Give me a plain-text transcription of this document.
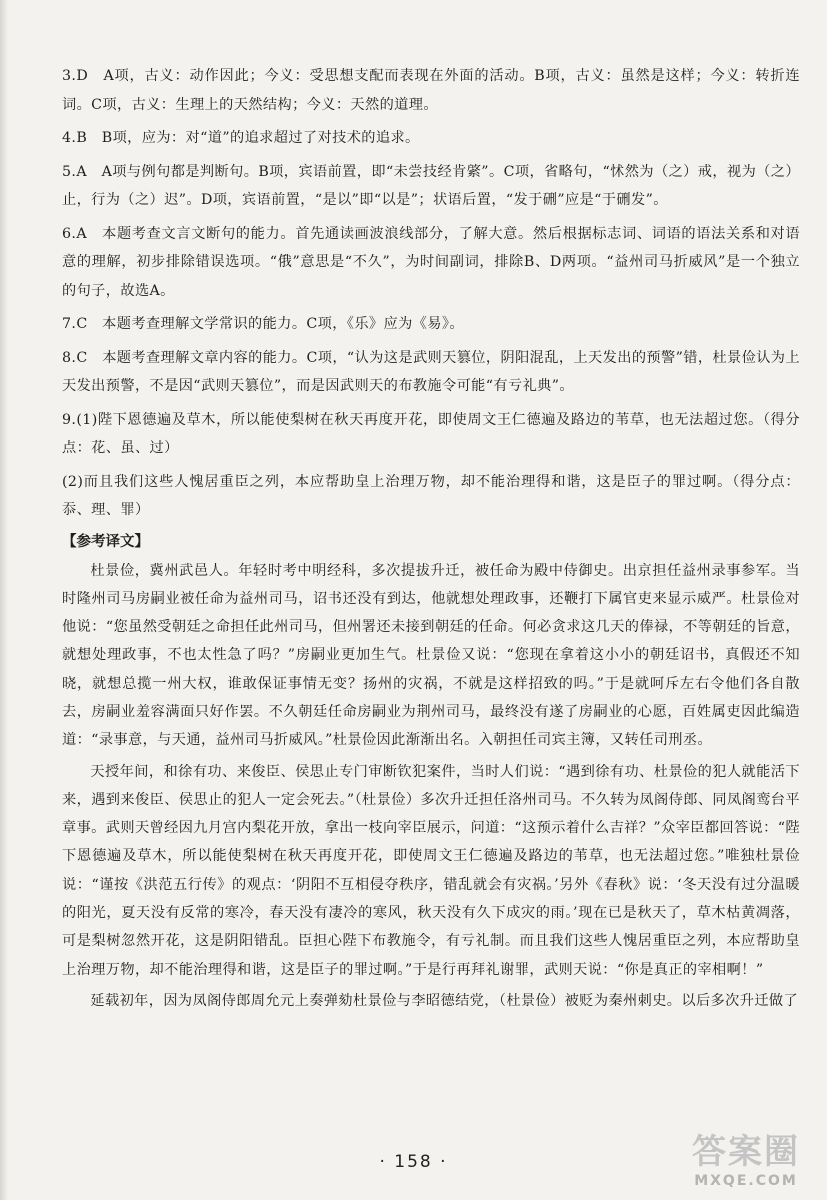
3.D　A项，古义：动作因此；今义：受思想支配而表现在外面的活动。B项，古义：虽然是这样；今义：转折连词。C项，古义：生理上的天然结构；今义：天然的道理。

4.B　B项，应为：对“道”的追求超过了对技术的追求。

5.A　A项与例句都是判断句。B项，宾语前置，即“未尝技经肯綮”。C项，省略句，“怵然为（之）戒，视为（之）止，行为（之）迟”。D项，宾语前置，“是以”即“以是”；状语后置，“发于硎”应是“于硎发”。

6.A　本题考查文言文断句的能力。首先通读画波浪线部分，了解大意。然后根据标志词、词语的语法关系和对语意的理解，初步排除错误选项。“俄”意思是“不久”，为时间副词，排除B、D两项。“益州司马折威风”是一个独立的句子，故选A。

7.C　本题考查理解文学常识的能力。C项，《乐》应为《易》。

8.C　本题考查理解文章内容的能力。C项，“认为这是武则天篡位，阴阳混乱，上天发出的预警”错，杜景俭认为上天发出预警，不是因“武则天篡位”，而是因武则天的布教施令可能“有亏礼典”。

9.(1)陛下恩德遍及草木，所以能使梨树在秋天再度开花，即使周文王仁德遍及路边的苇草，也无法超过您。（得分点：花、虽、过）

(2)而且我们这些人愧居重臣之列，本应帮助皇上治理万物，却不能治理得和谐，这是臣子的罪过啊。（得分点：忝、理、罪）

【参考译文】

杜景俭，冀州武邑人。年轻时考中明经科，多次提拔升迁，被任命为殿中侍御史。出京担任益州录事参军。当时隆州司马房嗣业被任命为益州司马，诏书还没有到达，他就想处理政事，还鞭打下属官吏来显示威严。杜景俭对他说：“您虽然受朝廷之命担任此州司马，但州署还未接到朝廷的任命。何必贪求这几天的俸禄，不等朝廷的旨意，就想处理政事，不也太性急了吗？”房嗣业更加生气。杜景俭又说：“您现在拿着这小小的朝廷诏书，真假还不知晓，就想总揽一州大权，谁敢保证事情无变？扬州的灾祸，不就是这样招致的吗。”于是就呵斥左右令他们各自散去，房嗣业羞容满面只好作罢。不久朝廷任命房嗣业为荆州司马，最终没有遂了房嗣业的心愿，百姓属吏因此编造道：“录事意，与天通，益州司马折威风。”杜景俭因此渐渐出名。入朝担任司宾主簿，又转任司刑丞。

天授年间，和徐有功、来俊臣、侯思止专门审断钦犯案件，当时人们说：“遇到徐有功、杜景俭的犯人就能活下来，遇到来俊臣、侯思止的犯人一定会死去。”（杜景俭）多次升迁担任洛州司马。不久转为凤阁侍郎、同凤阁鸾台平章事。武则天曾经因九月宫内梨花开放，拿出一枝向宰臣展示，问道：“这预示着什么吉祥？”众宰臣都回答说：“陛下恩德遍及草木，所以能使梨树在秋天再度开花，即使周文王仁德遍及路边的苇草，也无法超过您。”唯独杜景俭说：“谨按《洪范五行传》的观点：‘阴阳不互相侵夺秩序，错乱就会有灾祸。’另外《春秋》说：‘冬天没有过分温暖的阳光，夏天没有反常的寒冷，春天没有凄冷的寒风，秋天没有久下成灾的雨。’现在已是秋天了，草木枯黄凋落，可是梨树忽然开花，这是阴阳错乱。臣担心陛下布教施令，有亏礼制。而且我们这些人愧居重臣之列，本应帮助皇上治理万物，却不能治理得和谐，这是臣子的罪过啊。”于是行再拜礼谢罪，武则天说：“你是真正的宰相啊！”

延载初年，因为凤阁侍郎周允元上奏弹劾杜景俭与李昭德结党，（杜景俭）被贬为秦州刺史。以后多次升迁做了

· 158 ·	答案圈
MXQE.COM
